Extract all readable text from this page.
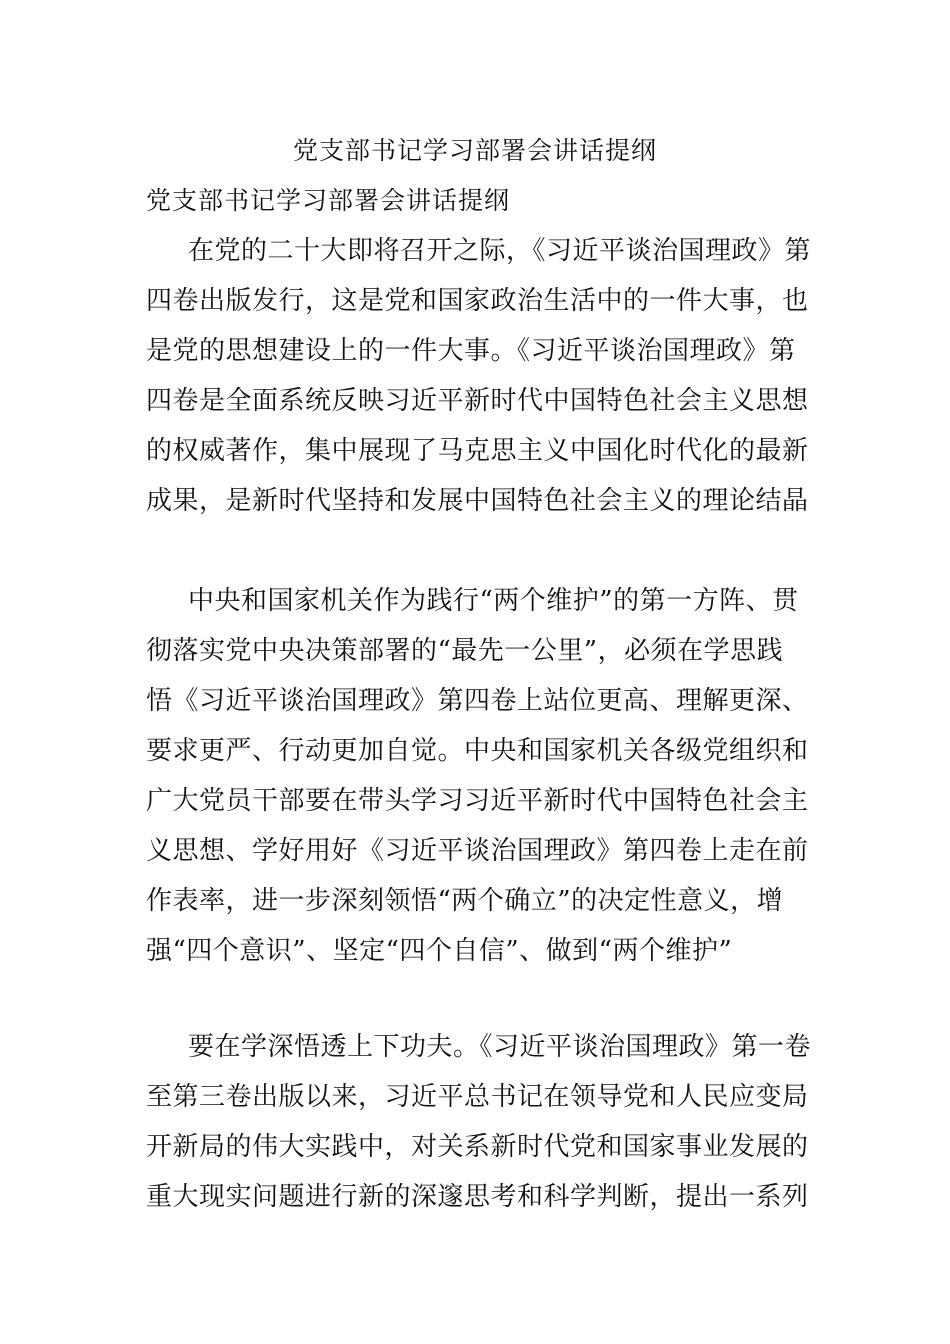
党支部书记学习部署会讲话提纲
党支部书记学习部署会讲话提纲
在党的二十大即将召开之际，《习近平谈治国理政》第
四卷出版发行，这是党和国家政治生活中的一件大事，也
是党的思想建设上的一件大事。《习近平谈治国理政》第
四卷是全面系统反映习近平新时代中国特色社会主义思想
的权威著作，集中展现了马克思主义中国化时代化的最新
成果，是新时代坚持和发展中国特色社会主义的理论结晶
中央和国家机关作为践行“两个维护”的第一方阵、贯
彻落实党中央决策部署的“最先一公里”，必须在学思践
悟《习近平谈治国理政》第四卷上站位更高、理解更深、
要求更严、行动更加自觉。中央和国家机关各级党组织和
广大党员干部要在带头学习习近平新时代中国特色社会主
义思想、学好用好《习近平谈治国理政》第四卷上走在前
作表率，进一步深刻领悟“两个确立”的决定性意义，增
强“四个意识”、坚定“四个自信”、做到“两个维护”
要在学深悟透上下功夫。《习近平谈治国理政》第一卷
至第三卷出版以来，习近平总书记在领导党和人民应变局
开新局的伟大实践中，对关系新时代党和国家事业发展的
重大现实问题进行新的深邃思考和科学判断，提出一系列
